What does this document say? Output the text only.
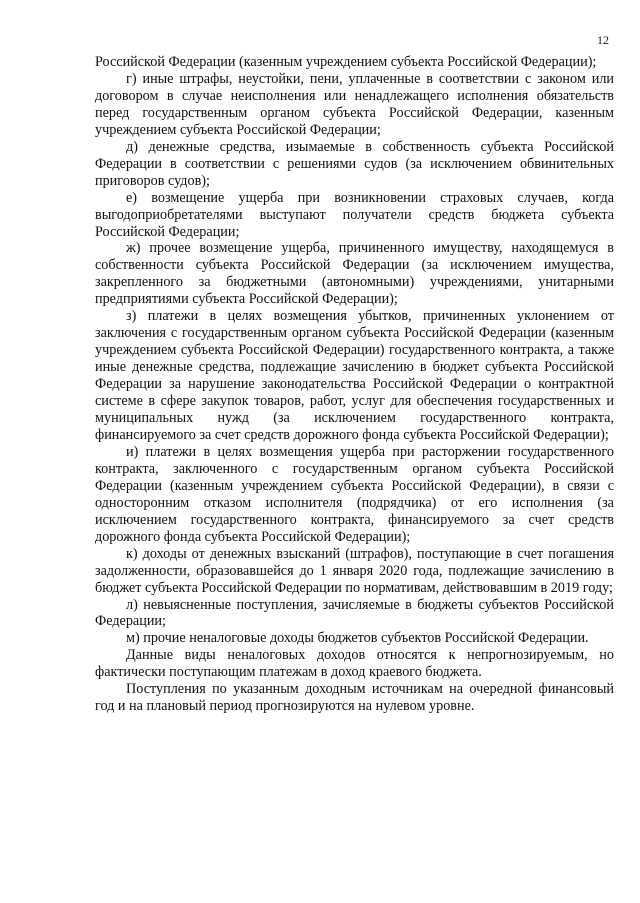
12

Российской Федерации (казенным учреждением субъекта Российской Федерации);

г) иные штрафы, неустойки, пени, уплаченные в соответствии с законом или договором в случае неисполнения или ненадлежащего исполнения обязательств перед государственным органом субъекта Российской Федерации, казенным учреждением субъекта Российской Федерации;

д) денежные средства, изымаемые в собственность субъекта Российской Федерации в соответствии с решениями судов (за исключением обвинительных приговоров судов);

е) возмещение ущерба при возникновении страховых случаев, когда выгодоприобретателями выступают получатели средств бюджета субъекта Российской Федерации;

ж) прочее возмещение ущерба, причиненного имуществу, находящемуся в собственности субъекта Российской Федерации (за исключением имущества, закрепленного за бюджетными (автономными) учреждениями, унитарными предприятиями субъекта Российской Федерации);

з) платежи в целях возмещения убытков, причиненных уклонением от заключения с государственным органом субъекта Российской Федерации (казенным учреждением субъекта Российской Федерации) государственного контракта, а также иные денежные средства, подлежащие зачислению в бюджет субъекта Российской Федерации за нарушение законодательства Российской Федерации о контрактной системе в сфере закупок товаров, работ, услуг для обеспечения государственных и муниципальных нужд (за исключением государственного контракта, финансируемого за счет средств дорожного фонда субъекта Российской Федерации);

и) платежи в целях возмещения ущерба при расторжении государственного контракта, заключенного с государственным органом субъекта Российской Федерации (казенным учреждением субъекта Российской Федерации), в связи с односторонним отказом исполнителя (подрядчика) от его исполнения (за исключением государственного контракта, финансируемого за счет средств дорожного фонда субъекта Российской Федерации);

к) доходы от денежных взысканий (штрафов), поступающие в счет погашения задолженности, образовавшейся до 1 января 2020 года, подлежащие зачислению в бюджет субъекта Российской Федерации по нормативам, действовавшим в 2019 году;

л) невыясненные поступления, зачисляемые в бюджеты субъектов Российской Федерации;

м) прочие неналоговые доходы бюджетов субъектов Российской Федерации.

Данные виды неналоговых доходов относятся к непрогнозируемым, но фактически поступающим платежам в доход краевого бюджета.

Поступления по указанным доходным источникам на очередной финансовый год и на плановый период прогнозируются на нулевом уровне.
